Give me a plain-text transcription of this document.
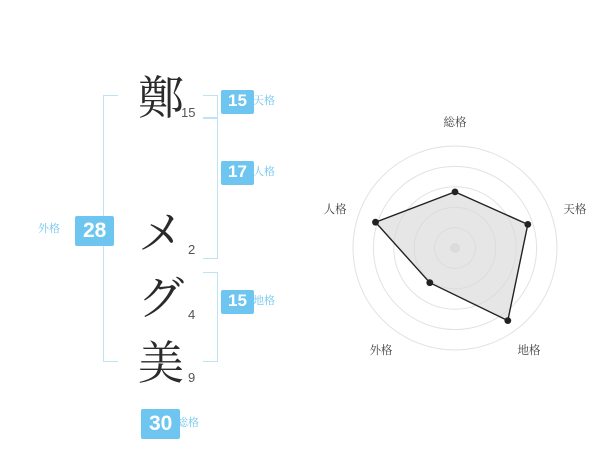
鄭
15
メ 2
グ 4
美 9
15 天格
17 人格
15 地格
28
外格
30 総格
総格
天格
地格
外格
人格
